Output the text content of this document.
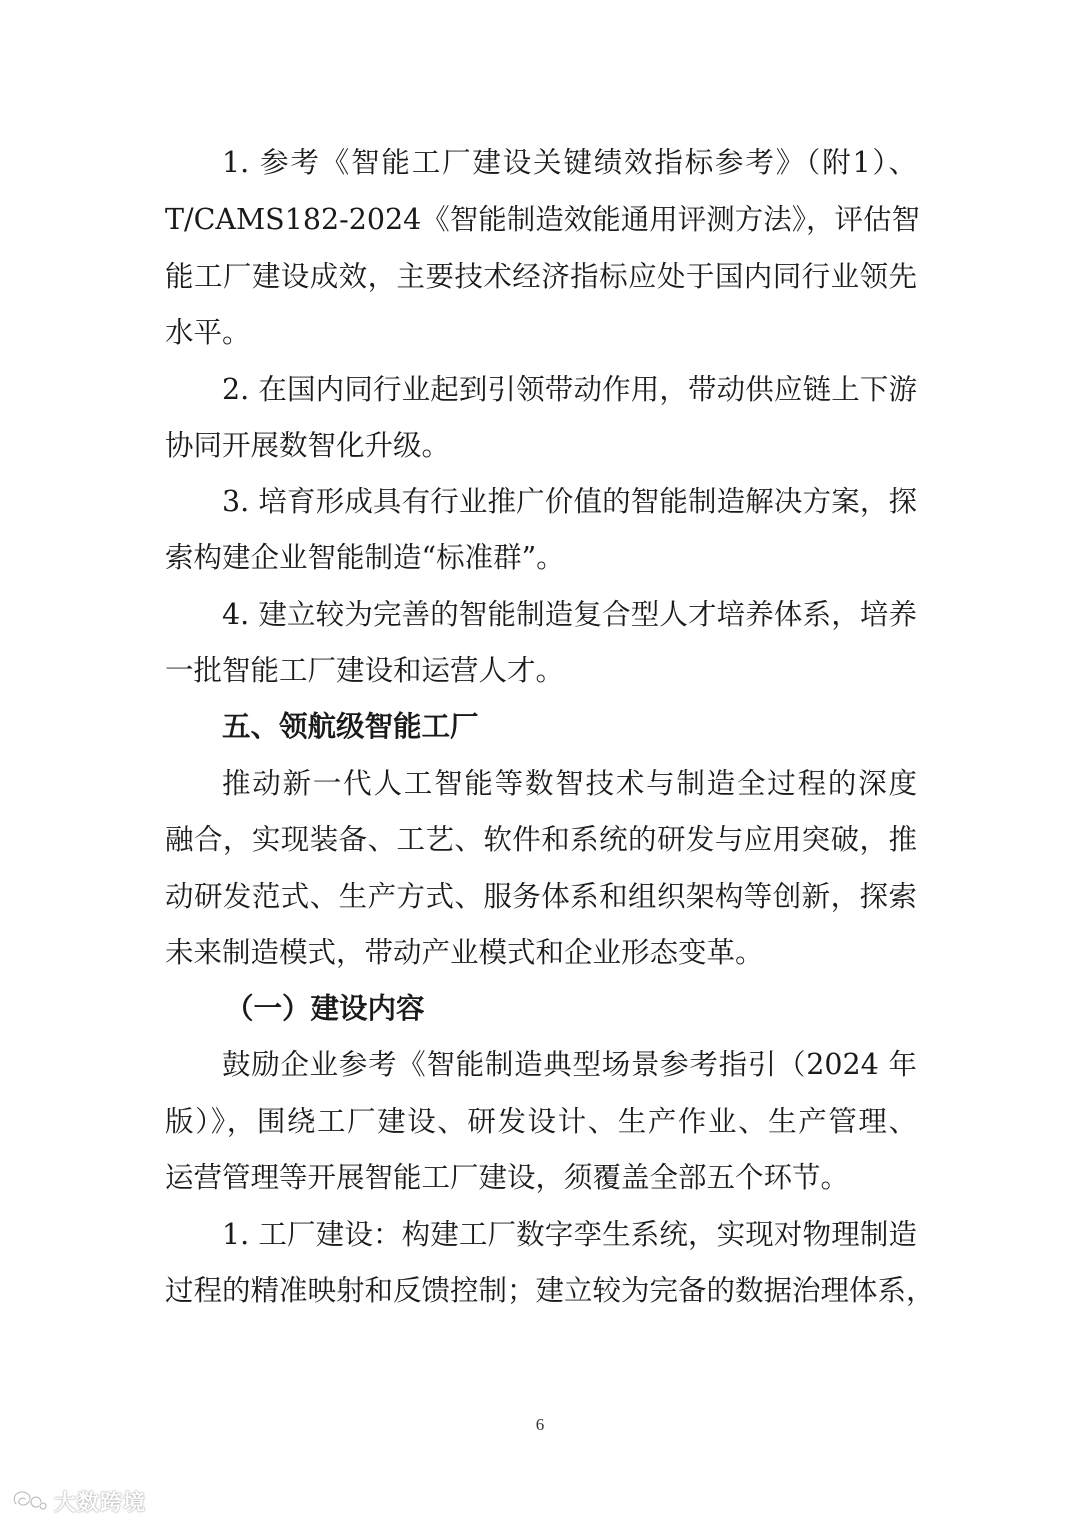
1. 参考《智能工厂建设关键绩效指标参考》（附1）、
T/CAMS182-2024《智能制造效能通用评测方法》，评估智
能工厂建设成效，主要技术经济指标应处于国内同行业领先
水平。
2. 在国内同行业起到引领带动作用，带动供应链上下游
协同开展数智化升级。
3. 培育形成具有行业推广价值的智能制造解决方案，探
索构建企业智能制造“标准群”。
4. 建立较为完善的智能制造复合型人才培养体系，培养
一批智能工厂建设和运营人才。
五、领航级智能工厂
推动新一代人工智能等数智技术与制造全过程的深度
融合，实现装备、工艺、软件和系统的研发与应用突破，推
动研发范式、生产方式、服务体系和组织架构等创新，探索
未来制造模式，带动产业模式和企业形态变革。
（一）建设内容
鼓励企业参考《智能制造典型场景参考指引（2024 年
版）》，围绕工厂建设、研发设计、生产作业、生产管理、
运营管理等开展智能工厂建设，须覆盖全部五个环节。
1. 工厂建设：构建工厂数字孪生系统，实现对物理制造
过程的精准映射和反馈控制；建立较为完备的数据治理体系，
6
大数跨境
